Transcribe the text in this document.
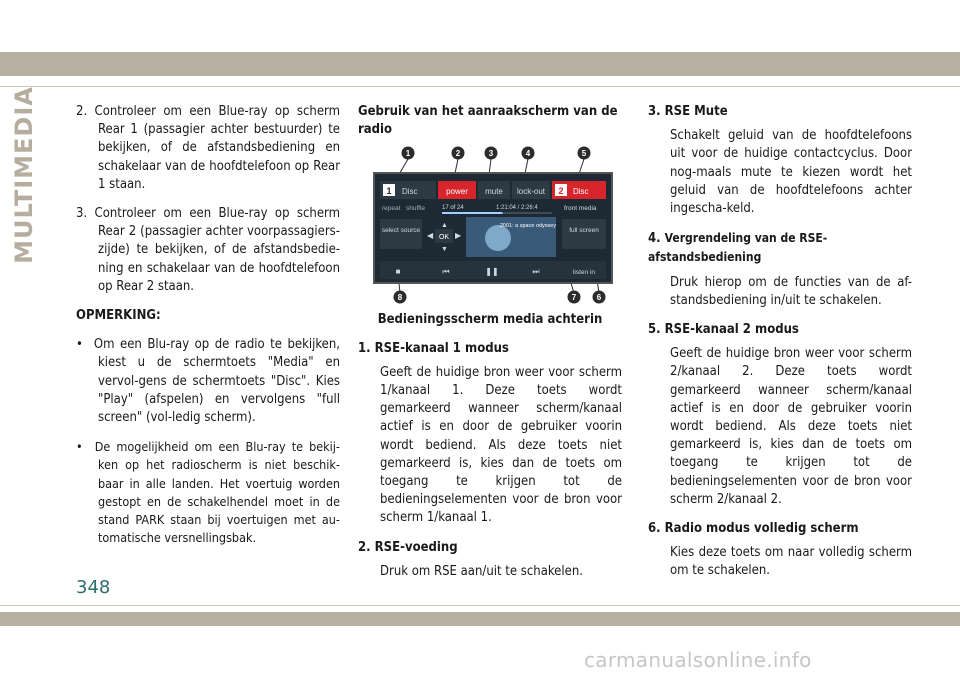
MULTIMEDIA	2. Controleer om een Blue-ray op scherm Rear 1 (passagier achter bestuurder) te bekijken, of de afstandsbediening en schakelaar van de hoofdtelefoon op Rear 1 staan.

3. Controleer om een Blue-ray op scherm Rear 2 (passagier achter voorpassagiers-zijde) te bekijken, of de afstandsbedie-ning en schakelaar van de hoofdtelefoon op Rear 2 staan.

OPMERKING:

• Om een Blu-ray op de radio te bekijken, kiest u de schermtoets "Media" en vervol-gens de schermtoets "Disc". Kies "Play" (afspelen) en vervolgens "full screen" (vol-ledig scherm).

• De mogelijkheid om een Blu-ray te bekij-ken op het radioscherm is niet beschik-baar in alle landen. Het voertuig worden gestopt en de schakelhendel moet in de stand PARK staan bij voertuigen met au-tomatische versnellingsbak.

Gebruik van het aanraakscherm van de radio

1 Disc	power mute lock-out 2 Disc
repeat shuffle	17 of 24	1:21:04 / 2:26:4	front media
select source
◀ OK ▶
▲
▼
2001: a space odyssey
full screen
■	⏮	❚❚	⏭	listen in
1	2	3	4	5
6
7
8

Bedieningsscherm media achterin

1. RSE-kanaal 1 modus

Geeft de huidige bron weer voor scherm 1/kanaal 1. Deze toets wordt gemarkeerd wanneer scherm/kanaal actief is en door de gebruiker voorin wordt bediend. Als deze toets niet gemarkeerd is, kies dan de toets om toegang te krijgen tot de bedieningselementen voor de bron voor scherm 1/kanaal 1.

2. RSE-voeding

Druk om RSE aan/uit te schakelen.

3. RSE Mute

Schakelt geluid van de hoofdtelefoons uit voor de huidige contactcyclus. Door nog-maals mute te kiezen wordt het geluid van de hoofdtelefoons achter ingescha-keld.

4. Vergrendeling van de RSE-afstandsbediening

Druk hierop om de functies van de af-standsbediening in/uit te schakelen.

5. RSE-kanaal 2 modus

Geeft de huidige bron weer voor scherm 2/kanaal 2. Deze toets wordt gemarkeerd wanneer scherm/kanaal actief is en door de gebruiker voorin wordt bediend. Als deze toets niet gemarkeerd is, kies dan de toets om toegang te krijgen tot de bedieningselementen voor de bron voor scherm 2/kanaal 2.

6. Radio modus volledig scherm

Kies deze toets om naar volledig scherm om te schakelen.

348
carmanualsonline.info
